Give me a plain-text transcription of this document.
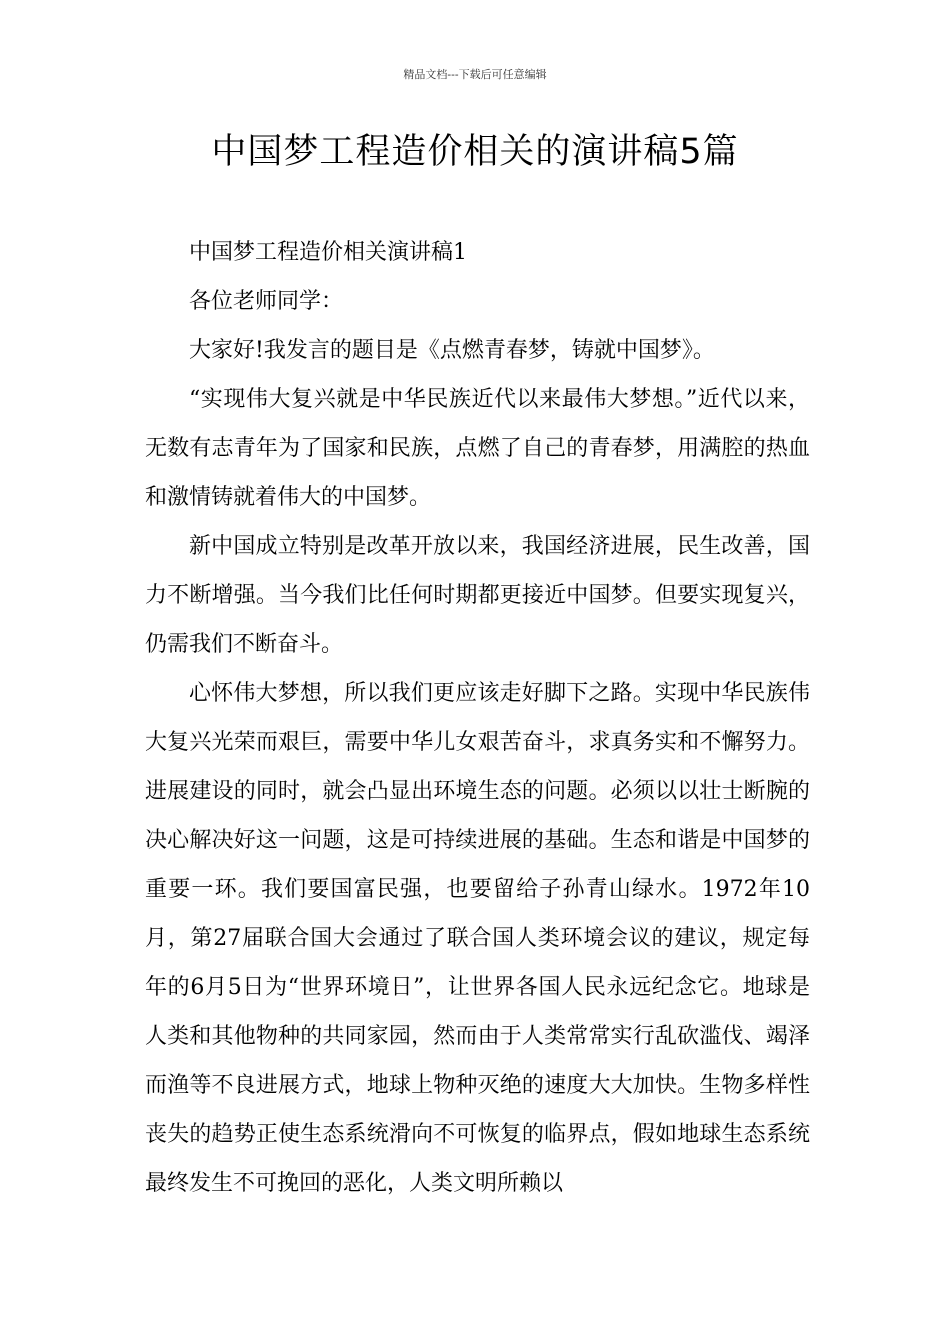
精品文档---下载后可任意编辑
中国梦工程造价相关的演讲稿5篇

中国梦工程造价相关演讲稿1

各位老师同学：

大家好!我发言的题目是《点燃青春梦，铸就中国梦》。

“实现伟大复兴就是中华民族近代以来最伟大梦想。”近代以来，无数有志青年为了国家和民族，点燃了自己的青春梦，用满腔的热血和激情铸就着伟大的中国梦。

新中国成立特别是改革开放以来，我国经济进展，民生改善，国力不断增强。当今我们比任何时期都更接近中国梦。但要实现复兴，仍需我们不断奋斗。

心怀伟大梦想，所以我们更应该走好脚下之路。实现中华民族伟大复兴光荣而艰巨，需要中华儿女艰苦奋斗，求真务实和不懈努力。进展建设的同时，就会凸显出环境生态的问题。必须以以壮士断腕的决心解决好这一问题，这是可持续进展的基础。生态和谐是中国梦的重要一环。我们要国富民强，也要留给子孙青山绿水。1972年10月，第27届联合国大会通过了联合国人类环境会议的建议，规定每年的6月5日为“世界环境日”，让世界各国人民永远纪念它。地球是人类和其他物种的共同家园，然而由于人类常常实行乱砍滥伐、竭泽而渔等不良进展方式，地球上物种灭绝的速度大大加快。生物多样性丧失的趋势正使生态系统滑向不可恢复的临界点，假如地球生态系统最终发生不可挽回的恶化，人类文明所赖以
